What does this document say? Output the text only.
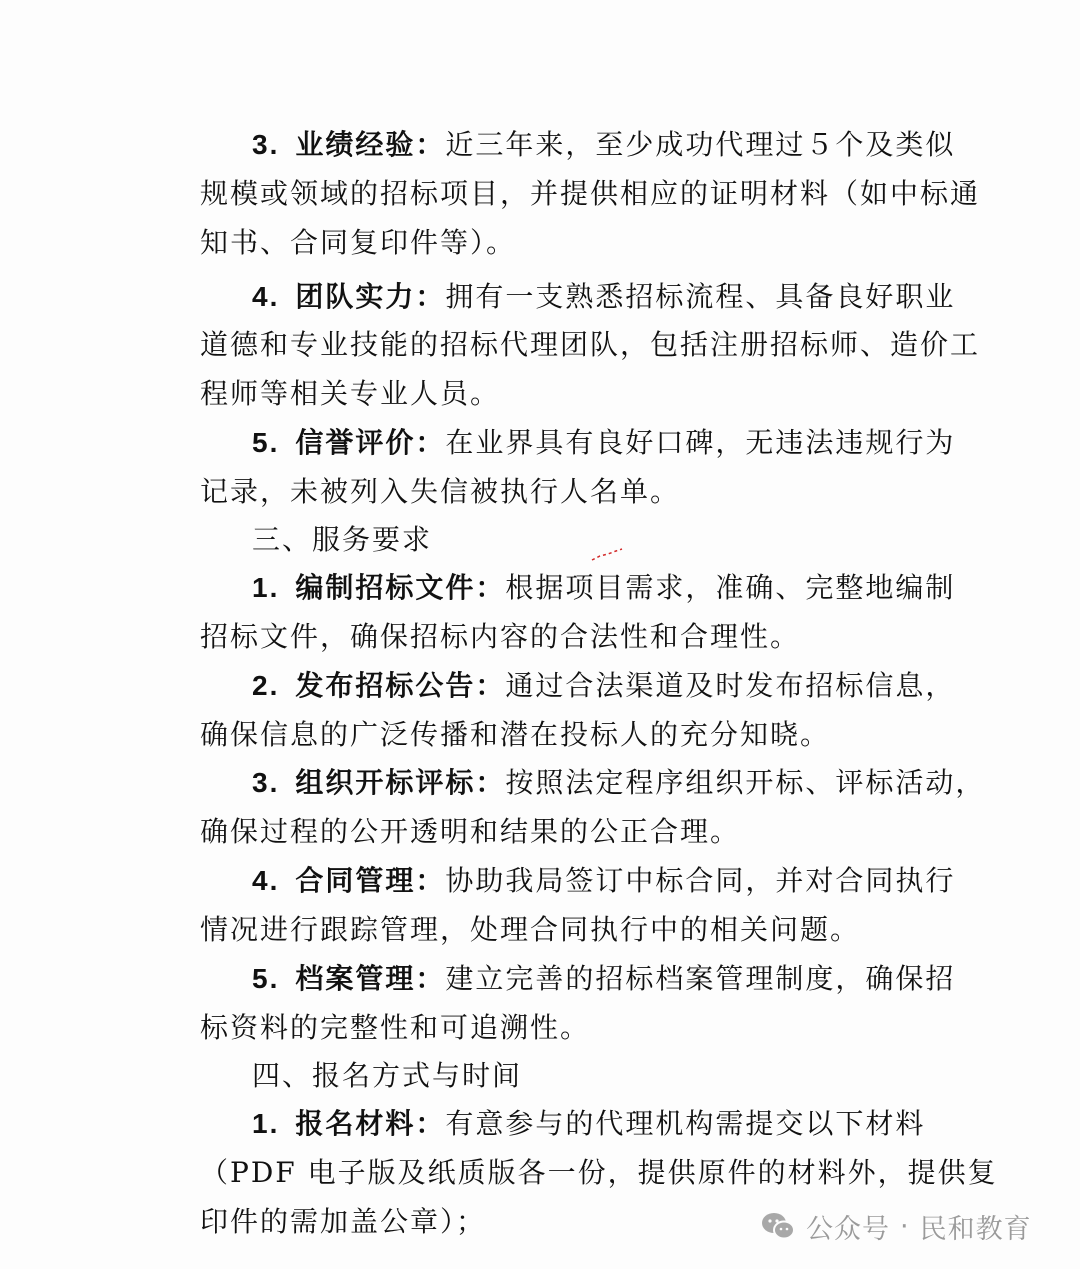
3. 业绩经验：近三年来，至少成功代理过５个及类似
规模或领域的招标项目，并提供相应的证明材料（如中标通
知书、合同复印件等）。
4. 团队实力：拥有一支熟悉招标流程、具备良好职业
道德和专业技能的招标代理团队，包括注册招标师、造价工
程师等相关专业人员。
5. 信誉评价：在业界具有良好口碑，无违法违规行为
记录，未被列入失信被执行人名单。
三、服务要求
1. 编制招标文件：根据项目需求，准确、完整地编制
招标文件，确保招标内容的合法性和合理性。
2. 发布招标公告：通过合法渠道及时发布招标信息，
确保信息的广泛传播和潜在投标人的充分知晓。
3. 组织开标评标：按照法定程序组织开标、评标活动，
确保过程的公开透明和结果的公正合理。
4. 合同管理：协助我局签订中标合同，并对合同执行
情况进行跟踪管理，处理合同执行中的相关问题。
5. 档案管理：建立完善的招标档案管理制度，确保招
标资料的完整性和可追溯性。
四、报名方式与时间
1. 报名材料：有意参与的代理机构需提交以下材料
（PDF 电子版及纸质版各一份，提供原件的材料外，提供复
印件的需加盖公章）；	公众号 · 民和教育
